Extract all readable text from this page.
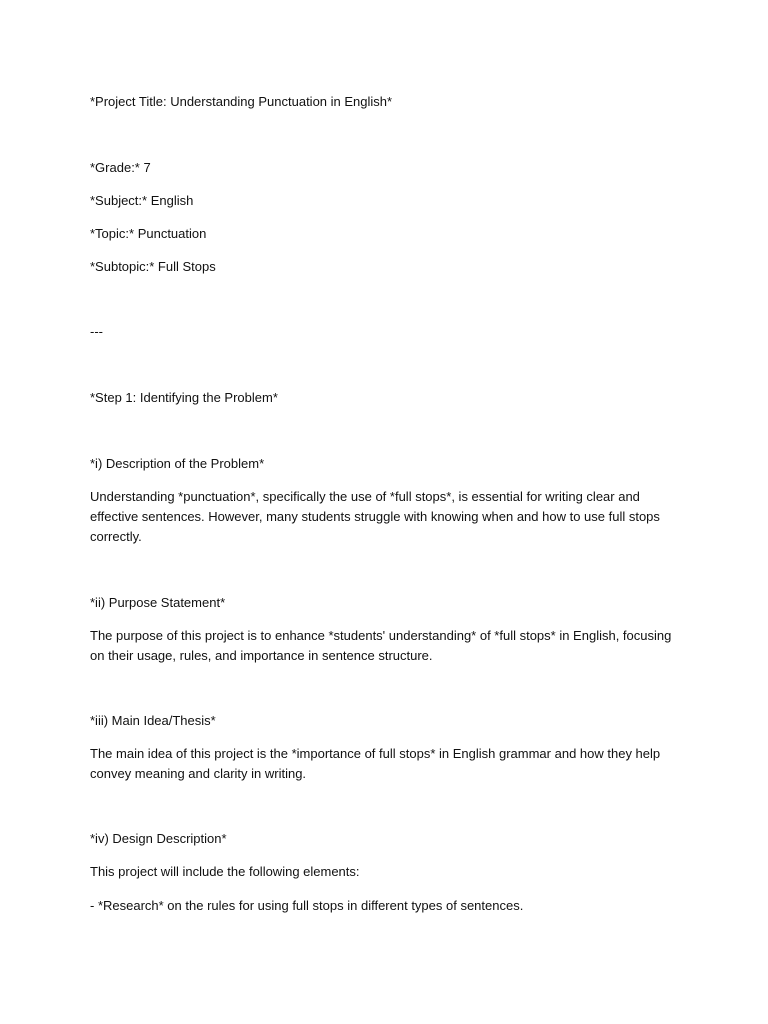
*Project Title: Understanding Punctuation in English*
*Grade:* 7
*Subject:* English
*Topic:* Punctuation
*Subtopic:* Full Stops
---
*Step 1: Identifying the Problem*
*i) Description of the Problem*
Understanding *punctuation*, specifically the use of *full stops*, is essential for writing clear and
effective sentences. However, many students struggle with knowing when and how to use full stops
correctly.
*ii) Purpose Statement*
The purpose of this project is to enhance *students' understanding* of *full stops* in English, focusing
on their usage, rules, and importance in sentence structure.
*iii) Main Idea/Thesis*
The main idea of this project is the *importance of full stops* in English grammar and how they help
convey meaning and clarity in writing.
*iv) Design Description*
This project will include the following elements:
- *Research* on the rules for using full stops in different types of sentences.
